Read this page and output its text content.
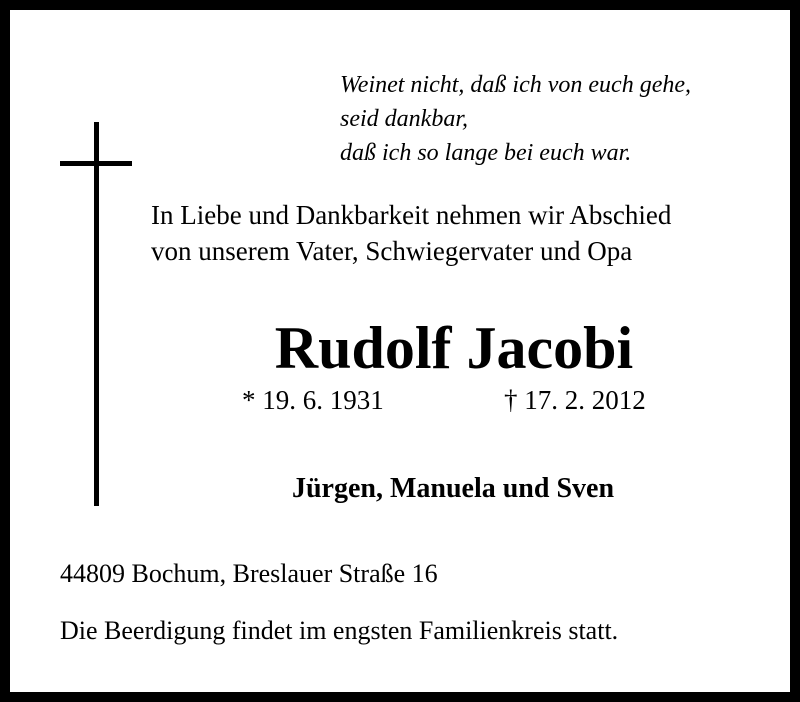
Weinet nicht, daß ich von euch gehe,
seid dankbar,
daß ich so lange bei euch war.
In Liebe und Dankbarkeit nehmen wir Abschied
von unserem Vater, Schwiegervater und Opa
Rudolf Jacobi
* 19. 6. 1931	† 17. 2. 2012
Jürgen, Manuela und Sven
44809 Bochum, Breslauer Straße 16
Die Beerdigung findet im engsten Familienkreis statt.
